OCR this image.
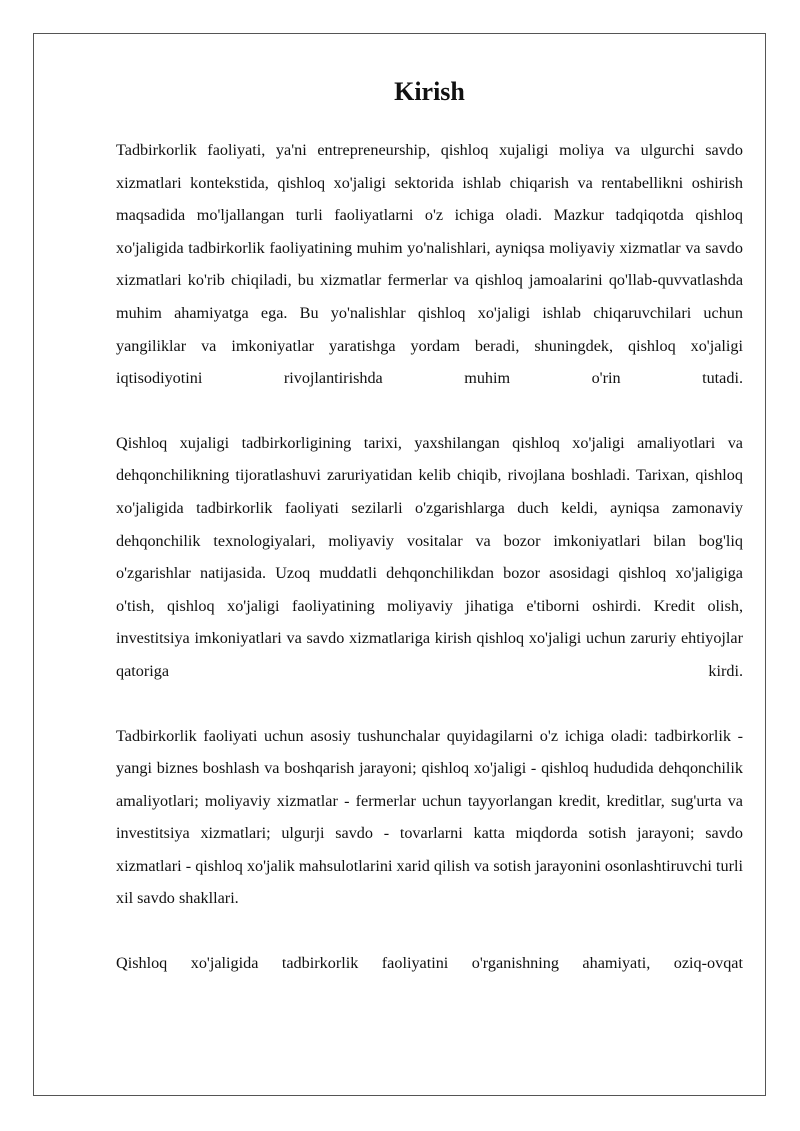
Kirish

Tadbirkorlik faoliyati, ya'ni entrepreneurship, qishloq xujaligi moliya va ulgurchi savdo xizmatlari kontekstida, qishloq xo'jaligi sektorida ishlab chiqarish va rentabellikni oshirish maqsadida mo'ljallangan turli faoliyatlarni o'z ichiga oladi. Mazkur tadqiqotda qishloq xo'jaligida tadbirkorlik faoliyatining muhim yo'nalishlari, ayniqsa moliyaviy xizmatlar va savdo xizmatlari ko'rib chiqiladi, bu xizmatlar fermerlar va qishloq jamoalarini qo'llab-quvvatlashda muhim ahamiyatga ega. Bu yo'nalishlar qishloq xo'jaligi ishlab chiqaruvchilari uchun yangiliklar va imkoniyatlar yaratishga yordam beradi, shuningdek, qishloq xo'jaligi iqtisodiyotini rivojlantirishda muhim o'rin tutadi.

Qishloq xujaligi tadbirkorligining tarixi, yaxshilangan qishloq xo'jaligi amaliyotlari va dehqonchilikning tijoratlashuvi zaruriyatidan kelib chiqib, rivojlana boshladi. Tarixan, qishloq xo'jaligida tadbirkorlik faoliyati sezilarli o'zgarishlarga duch keldi, ayniqsa zamonaviy dehqonchilik texnologiyalari, moliyaviy vositalar va bozor imkoniyatlari bilan bog'liq o'zgarishlar natijasida. Uzoq muddatli dehqonchilikdan bozor asosidagi qishloq xo'jaligiga o'tish, qishloq xo'jaligi faoliyatining moliyaviy jihatiga e'tiborni oshirdi. Kredit olish, investitsiya imkoniyatlari va savdo xizmatlariga kirish qishloq xo'jaligi uchun zaruriy ehtiyojlar qatoriga kirdi.

Tadbirkorlik faoliyati uchun asosiy tushunchalar quyidagilarni o'z ichiga oladi: tadbirkorlik - yangi biznes boshlash va boshqarish jarayoni; qishloq xo'jaligi - qishloq hududida dehqonchilik amaliyotlari; moliyaviy xizmatlar - fermerlar uchun tayyorlangan kredit, kreditlar, sug'urta va investitsiya xizmatlari; ulgurji savdo - tovarlarni katta miqdorda sotish jarayoni; savdo xizmatlari - qishloq xo'jalik mahsulotlarini xarid qilish va sotish jarayonini osonlashtiruvchi turli xil savdo shakllari.

Qishloq xo'jaligida tadbirkorlik faoliyatini o'rganishning ahamiyati, oziq-ovqat
